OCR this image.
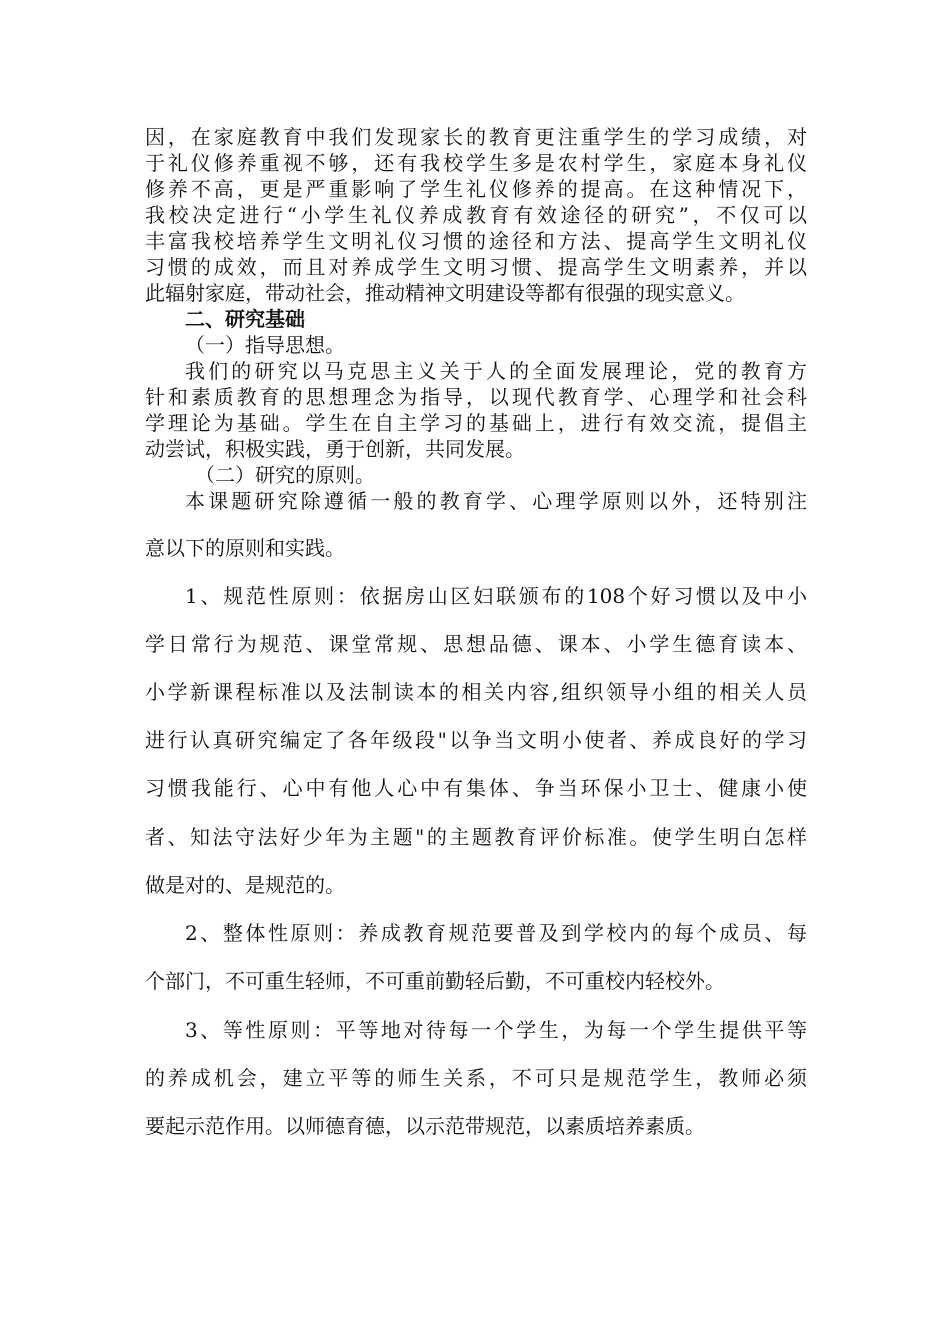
因，在家庭教育中我们发现家长的教育更注重学生的学习成绩，对

于礼仪修养重视不够，还有我校学生多是农村学生，家庭本身礼仪

修养不高，更是严重影响了学生礼仪修养的提高。在这种情况下，

我校决定进行“小学生礼仪养成教育有效途径的研究”，不仅可以

丰富我校培养学生文明礼仪习惯的途径和方法、提高学生文明礼仪

习惯的成效，而且对养成学生文明习惯、提高学生文明素养，并以

此辐射家庭，带动社会，推动精神文明建设等都有很强的现实意义。

二、研究基础

（一）指导思想。

我们的研究以马克思主义关于人的全面发展理论，党的教育方

针和素质教育的思想理念为指导，以现代教育学、心理学和社会科

学理论为基础。学生在自主学习的基础上，进行有效交流，提倡主

动尝试，积极实践，勇于创新，共同发展。

（二）研究的原则。

本课题研究除遵循一般的教育学、心理学原则以外，还特别注

意以下的原则和实践。

1、规范性原则：依据房山区妇联颁布的108个好习惯以及中小

学日常行为规范、课堂常规、思想品德、课本、小学生德育读本、

小学新课程标准以及法制读本的相关内容,组织领导小组的相关人员

进行认真研究编定了各年级段"以争当文明小使者、养成良好的学习

习惯我能行、心中有他人心中有集体、争当环保小卫士、健康小使

者、知法守法好少年为主题"的主题教育评价标准。使学生明白怎样

做是对的、是规范的。

2、整体性原则：养成教育规范要普及到学校内的每个成员、每

个部门，不可重生轻师，不可重前勤轻后勤，不可重校内轻校外。

3、等性原则：平等地对待每一个学生，为每一个学生提供平等

的养成机会，建立平等的师生关系，不可只是规范学生，教师必须

要起示范作用。以师德育德，以示范带规范，以素质培养素质。
